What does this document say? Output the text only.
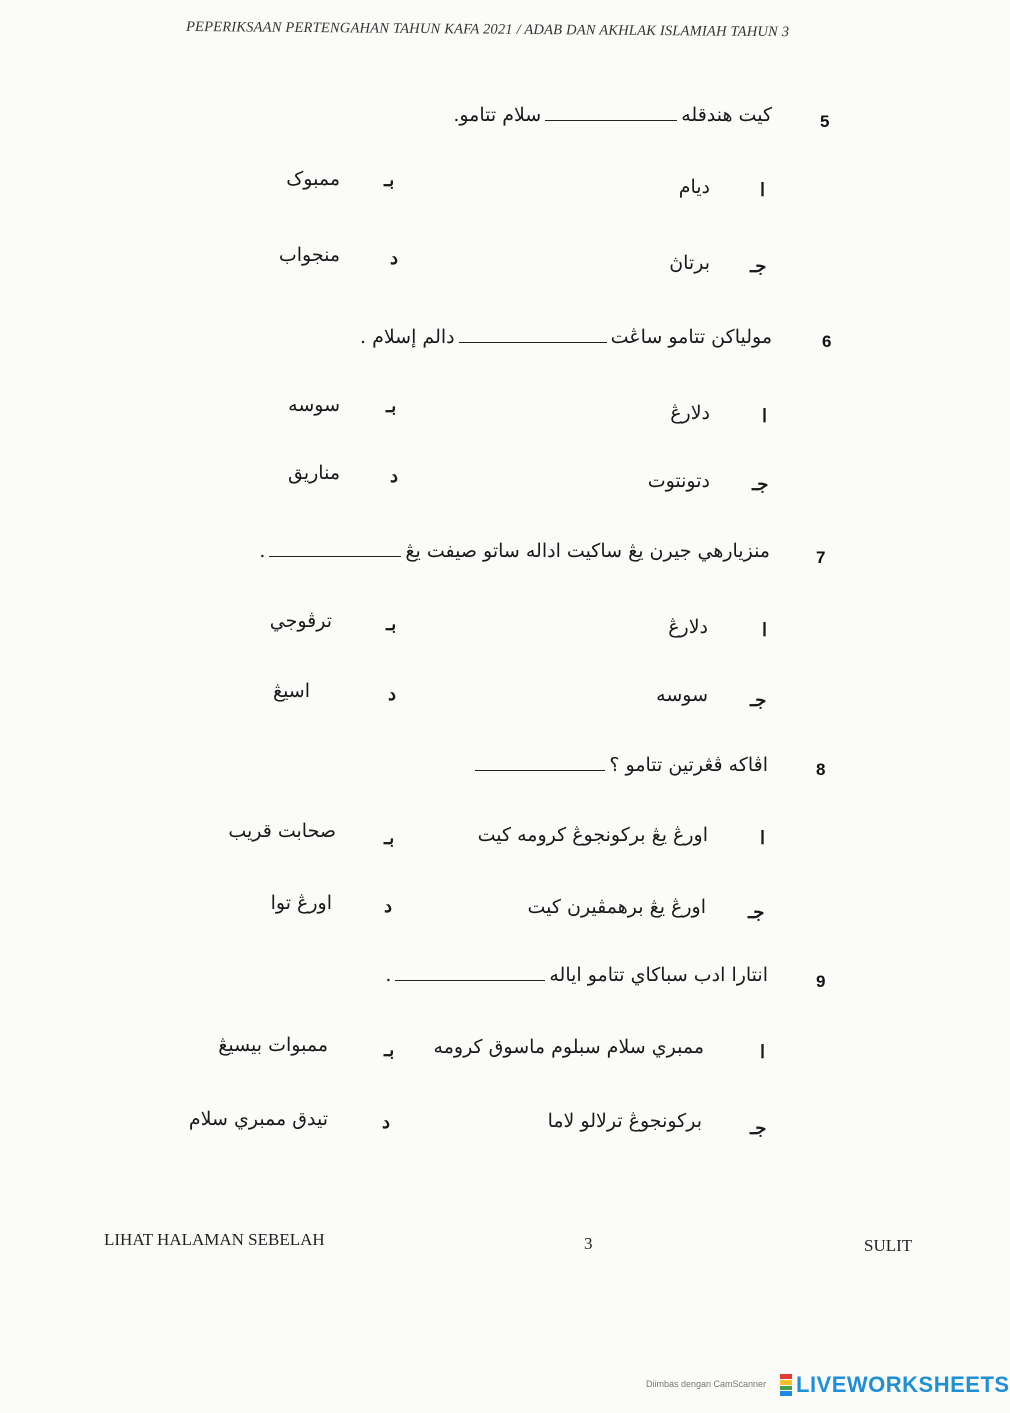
PEPERIKSAAN PERTENGAHAN TAHUN KAFA 2021 / ADAB DAN AKHLAK ISLAMIAH TAHUN 3
5
كيت هندقلهسلام تتامو.
ا
ديام
بـ
ممبوک
جـ
برتاڽ
د
منجواب
6
مولياکن تتامو ساڠتدالم إسلام .
ا
دلارڠ
بـ
سوسه
جـ
دتونتوت
د
مناريق
7
منزيارهي جيرن يڠ ساکيت اداله ساتو صيفت يڠ.
ا
دلارڠ
بـ
ترڤوجي
جـ
سوسه
د
اسيڠ
8
اڤاكه ڤڠرتين تتامو ؟
ا
اورڠ يڠ برکونجوڠ کرومه کيت
بـ
صحابت قريب
جـ
اورڠ يڠ برهمڤيرن کيت
د
اورڠ توا
9
انتارا ادب سباکاي تتامو اياله.
ا
ممبري سلام سبلوم ماسوق کرومه
بـ
ممبوات بيسيڠ
جـ
برکونجوڠ ترلالو لاما
د
تيدق ممبري سلام
LIHAT HALAMAN SEBELAH	3	SULIT
Diimbas dengan CamScanner LIVEWORKSHEETS
